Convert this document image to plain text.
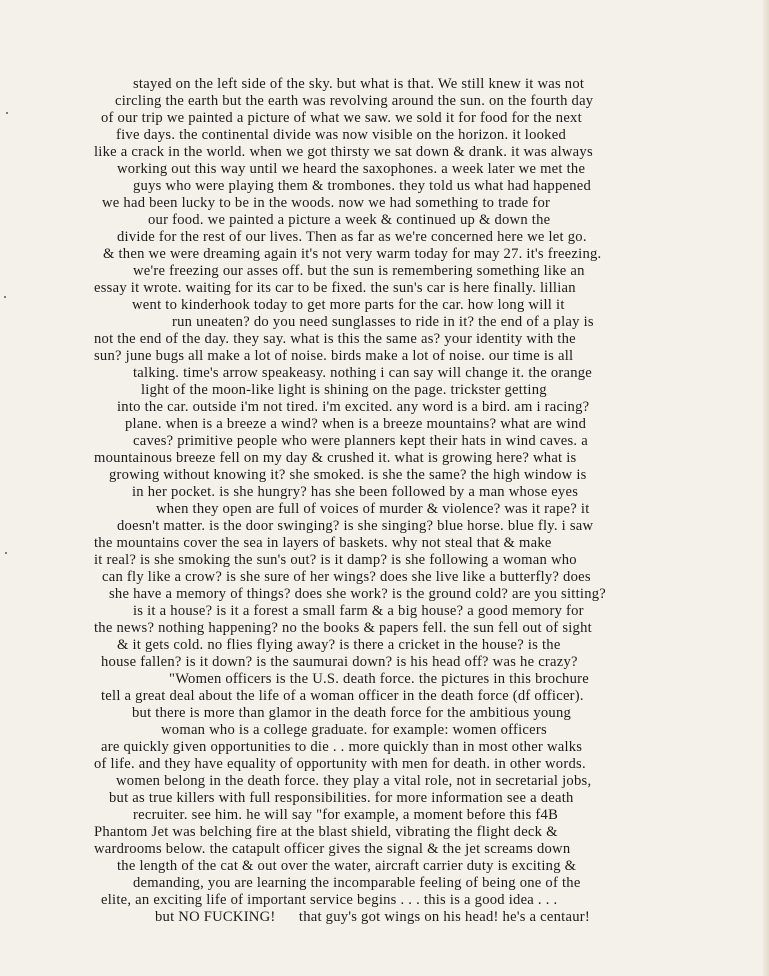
stayed on the left side of the sky. but what is that. We still knew it was not
circling the earth but the earth was revolving around the sun. on the fourth day
of our trip we painted a picture of what we saw. we sold it for food for the next
five days. the continental divide was now visible on the horizon. it looked
like a crack in the world. when we got thirsty we sat down & drank. it was always
working out this way until we heard the saxophones. a week later we met the
guys who were playing them & trombones. they told us what had happened
we had been lucky to be in the woods. now we had something to trade for
our food. we painted a picture a week & continued up & down the
divide for the rest of our lives. Then as far as we're concerned here we let go.
& then we were dreaming again it's not very warm today for may 27. it's freezing.
we're freezing our asses off. but the sun is remembering something like an
essay it wrote. waiting for its car to be fixed. the sun's car is here finally. lillian
went to kinderhook today to get more parts for the car. how long will it
run uneaten? do you need sunglasses to ride in it? the end of a play is
not the end of the day. they say. what is this the same as? your identity with the
sun? june bugs all make a lot of noise. birds make a lot of noise. our time is all
talking. time's arrow speakeasy. nothing i can say will change it. the orange
light of the moon-like light is shining on the page. trickster getting
into the car. outside i'm not tired. i'm excited. any word is a bird. am i racing?
plane. when is a breeze a wind? when is a breeze mountains? what are wind
caves? primitive people who were planners kept their hats in wind caves. a
mountainous breeze fell on my day & crushed it. what is growing here? what is
growing without knowing it? she smoked. is she the same? the high window is
in her pocket. is she hungry? has she been followed by a man whose eyes
when they open are full of voices of murder & violence? was it rape? it
doesn't matter. is the door swinging? is she singing? blue horse. blue fly. i saw
the mountains cover the sea in layers of baskets. why not steal that & make
it real? is she smoking the sun's out? is it damp? is she following a woman who
can fly like a crow? is she sure of her wings? does she live like a butterfly? does
she have a memory of things? does she work? is the ground cold? are you sitting?
is it a house? is it a forest a small farm & a big house? a good memory for
the news? nothing happening? no the books & papers fell. the sun fell out of sight
& it gets cold. no flies flying away? is there a cricket in the house? is the
house fallen? is it down? is the saumurai down? is his head off? was he crazy?
"Women officers is the U.S. death force. the pictures in this brochure
tell a great deal about the life of a woman officer in the death force (df officer).
but there is more than glamor in the death force for the ambitious young
woman who is a college graduate. for example: women officers
are quickly given opportunities to die . . more quickly than in most other walks
of life. and they have equality of opportunity with men for death. in other words.
women belong in the death force. they play a vital role, not in secretarial jobs,
but as true killers with full responsibilities. for more information see a death
recruiter. see him. he will say "for example, a moment before this f4B
Phantom Jet was belching fire at the blast shield, vibrating the flight deck &
wardrooms below. the catapult officer gives the signal & the jet screams down
the length of the cat & out over the water, aircraft carrier duty is exciting &
demanding, you are learning the incomparable feeling of being one of the
elite, an exciting life of important service begins . . . this is a good idea . . .
but NO FUCKING!      that guy's got wings on his head! he's a centaur!
